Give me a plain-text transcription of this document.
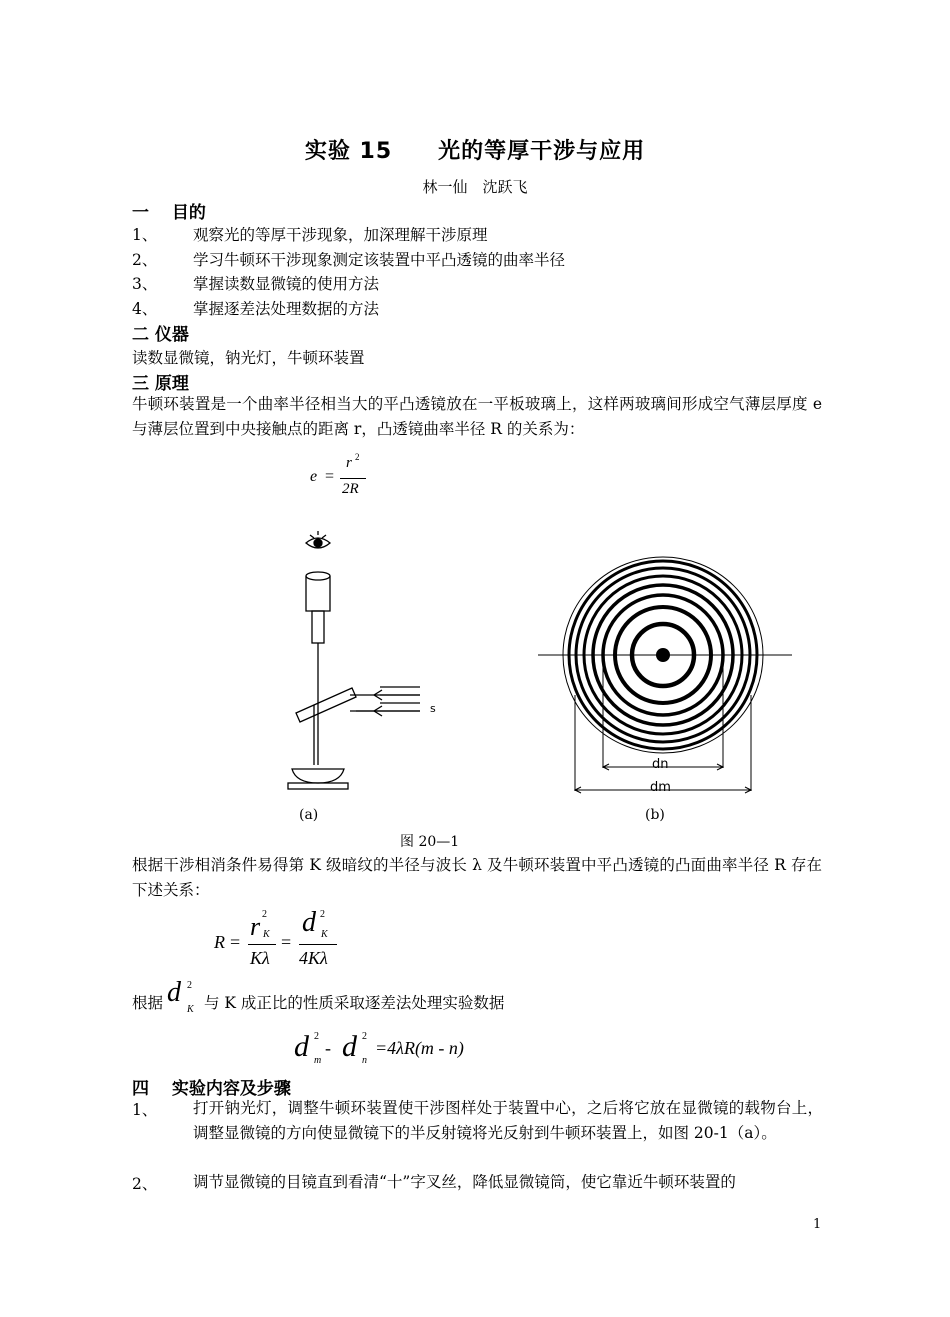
实验 15　　光的等厚干涉与应用
林一仙　沈跃飞
一　 目的
1、 观察光的等厚干涉现象，加深理解干涉原理
2、 学习牛顿环干涉现象测定该装置中平凸透镜的曲率半径
3、 掌握读数显微镜的使用方法
4、 掌握逐差法处理数据的方法
二 仪器
读数显微镜，钠光灯，牛顿环装置
三 原理
牛顿环装置是一个曲率半径相当大的平凸透镜放在一平板玻璃上，这样两玻璃间形成空气薄层厚度 e 与薄层位置到中央接触点的距离 r，凸透镜曲率半径 R 的关系为：
e =
r 2
2R
s
(a)
dn
dm
(b)
图 20—1
根据干涉相消条件易得第 K 级暗纹的半径与波长 λ 及牛顿环装置中平凸透镜的凸面曲率半径 R 存在下述关系：
R =
r 2
K
Kλ
=
d 2
K
4Kλ
根据 d 2
K 与 K 成正比的性质采取逐差法处理实验数据
d 2
m
- d 2
n
=4λR(m - n)
四　 实验内容及步骤
1、 打开钠光灯，调整牛顿环装置使干涉图样处于装置中心，之后将它放在显微镜的载物台上，调整显微镜的方向使显微镜下的半反射镜将光反射到牛顿环装置上，如图 20-1（a）。
2、 调节显微镜的目镜直到看清“十”字叉丝，降低显微镜筒，使它靠近牛顿环装置的
1
